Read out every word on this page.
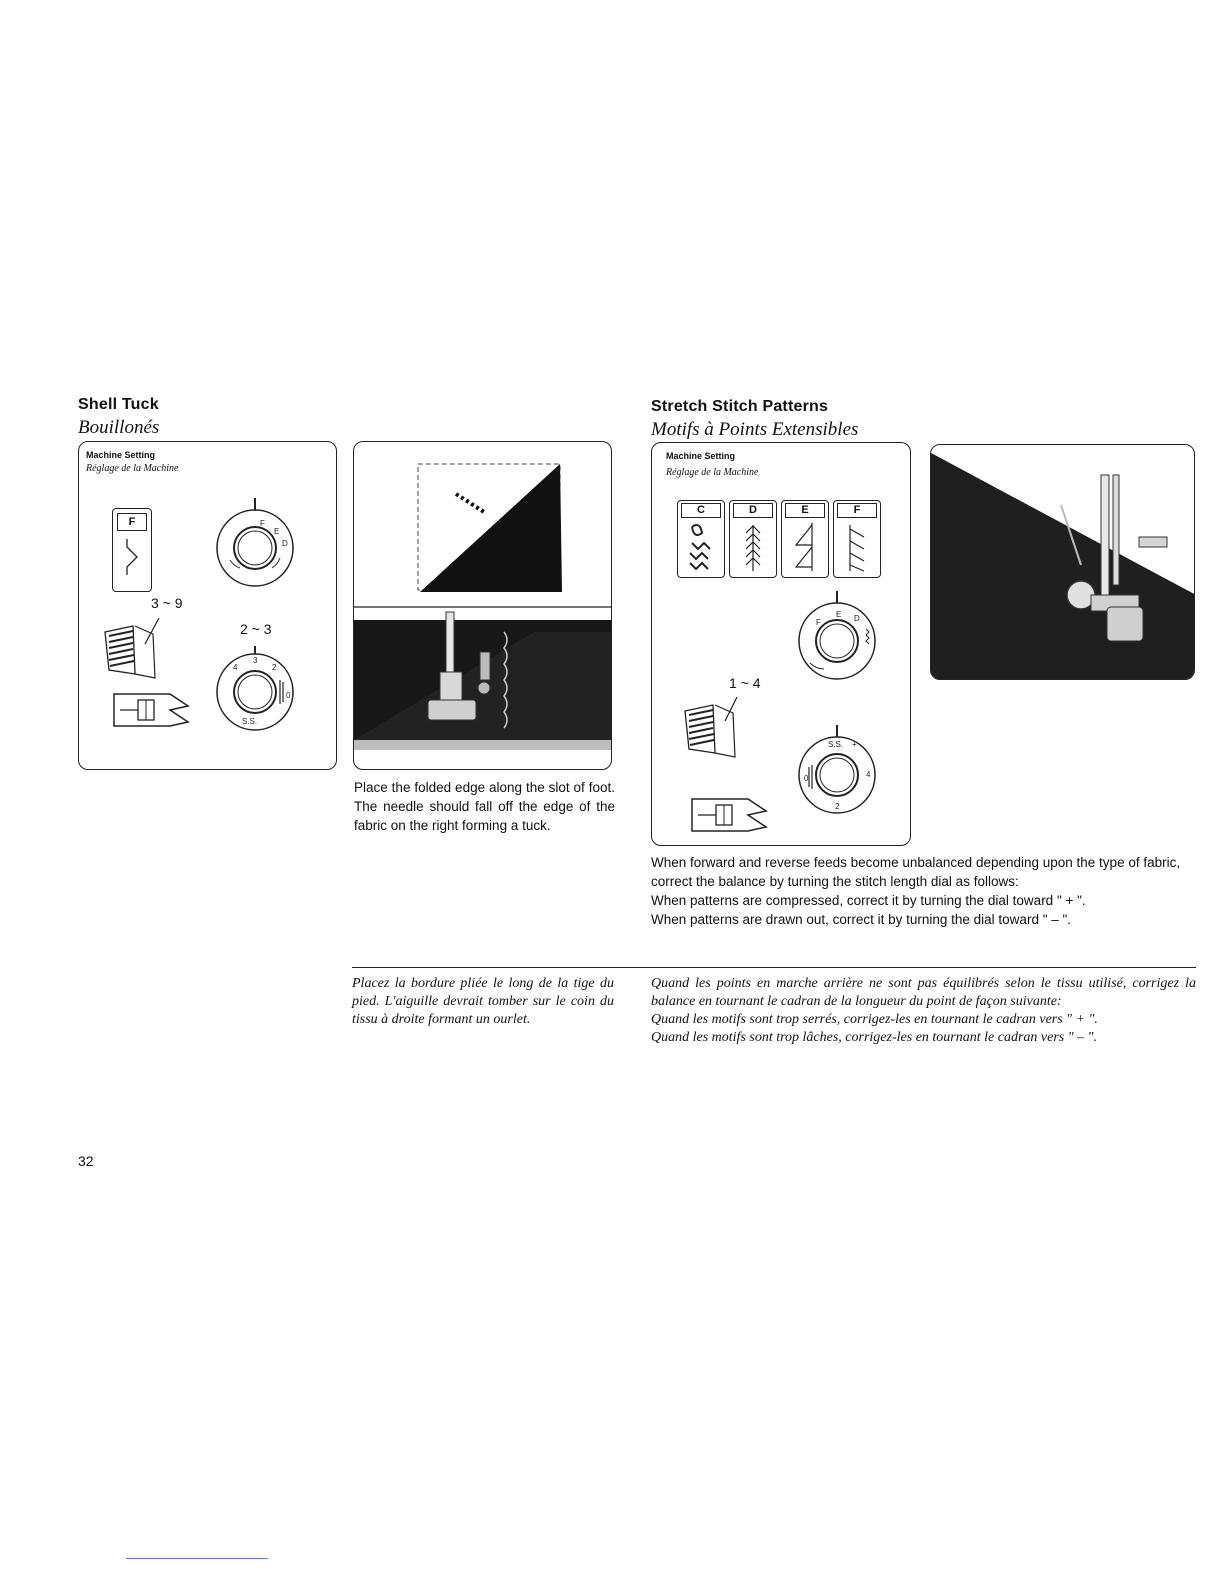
Shell Tuck
Bouillonés
Machine Setting
Réglage de la Machine
F	F
E
D
3 ~ 9
2 ~ 3
3
2
4
0
S.S.
Place the folded edge along the slot of foot. The needle should fall off the edge of the fabric on the right forming a tuck.
Stretch Stitch Patterns
Motifs à Points Extensibles
Machine Setting
Réglage de la Machine
C	D	E	F
E
F	D
1 ~ 4
S.S. +
4
0
2
When forward and reverse feeds become unbalanced depending upon the type of fabric, correct the balance by turning the stitch length dial as follows:
When patterns are compressed, correct it by turning the dial toward " + ".
When patterns are drawn out, correct it by turning the dial toward " – ".
Placez la bordure pliée le long de la tige du pied. L'aiguille devrait tomber sur le coin du tissu à droite formant un ourlet.
Quand les points en marche arrière ne sont pas équilibrés selon le tissu utilisé, corrigez la balance en tournant le cadran de la longueur du point de façon suivante:
Quand les motifs sont trop serrés, corrigez-les en tournant le cadran vers " + ".
Quand les motifs sont trop lâches, corrigez-les en tournant le cadran vers " – ".
32
